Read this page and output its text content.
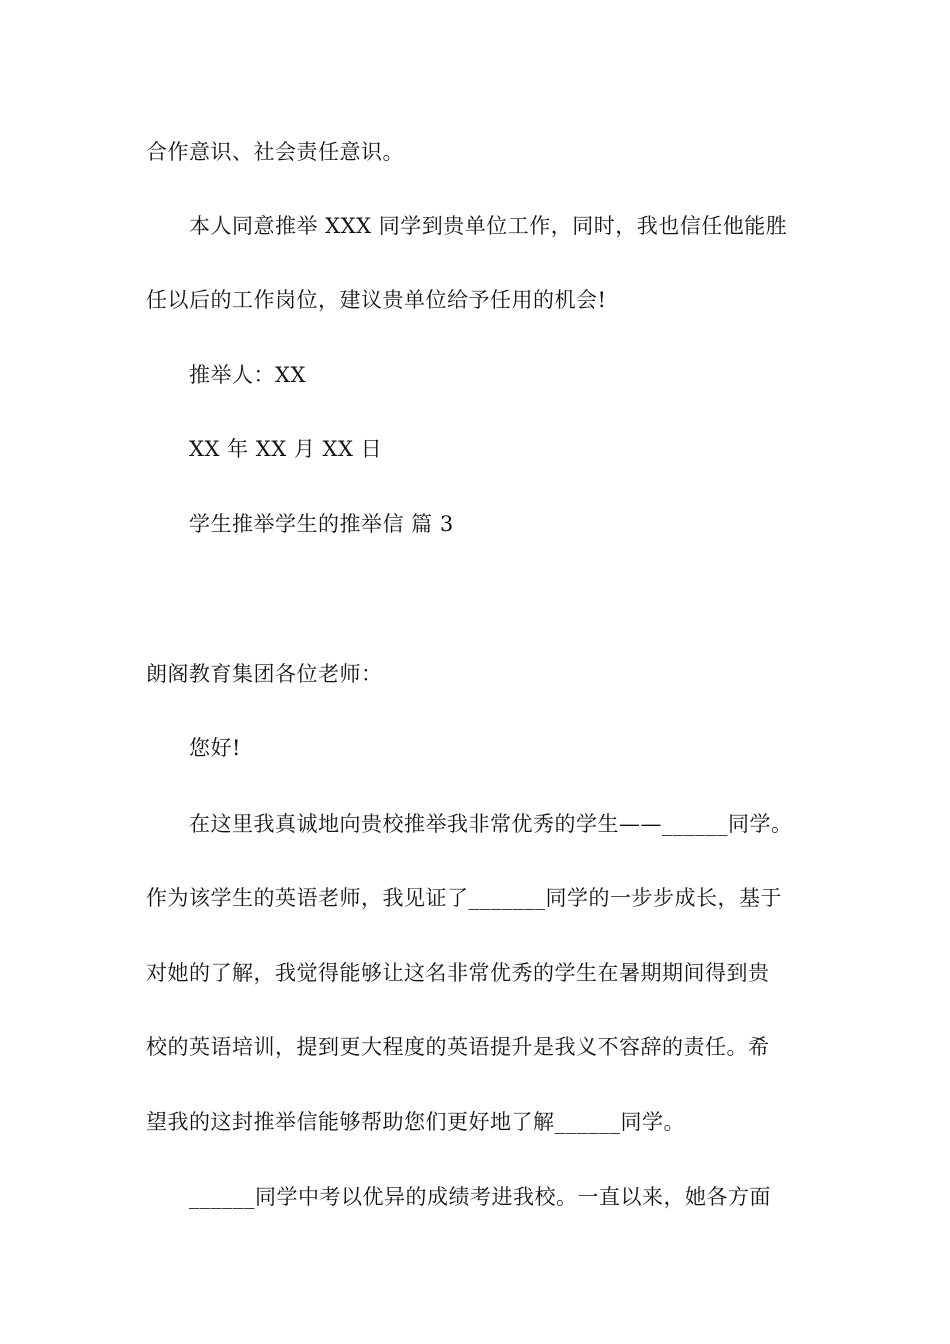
合作意识、社会责任意识。
本人同意推举 XXX 同学到贵单位工作，同时，我也信任他能胜
任以后的工作岗位，建议贵单位给予任用的机会!
推举人：XX
XX 年 XX 月 XX 日
学生推举学生的推举信 篇 3
朗阁教育集团各位老师：
您好!
在这里我真诚地向贵校推举我非常优秀的学生——______同学。
作为该学生的英语老师，我见证了_______同学的一步步成长，基于
对她的了解，我觉得能够让这名非常优秀的学生在暑期期间得到贵
校的英语培训，提到更大程度的英语提升是我义不容辞的责任。希
望我的这封推举信能够帮助您们更好地了解______同学。
______同学中考以优异的成绩考进我校。一直以来，她各方面
